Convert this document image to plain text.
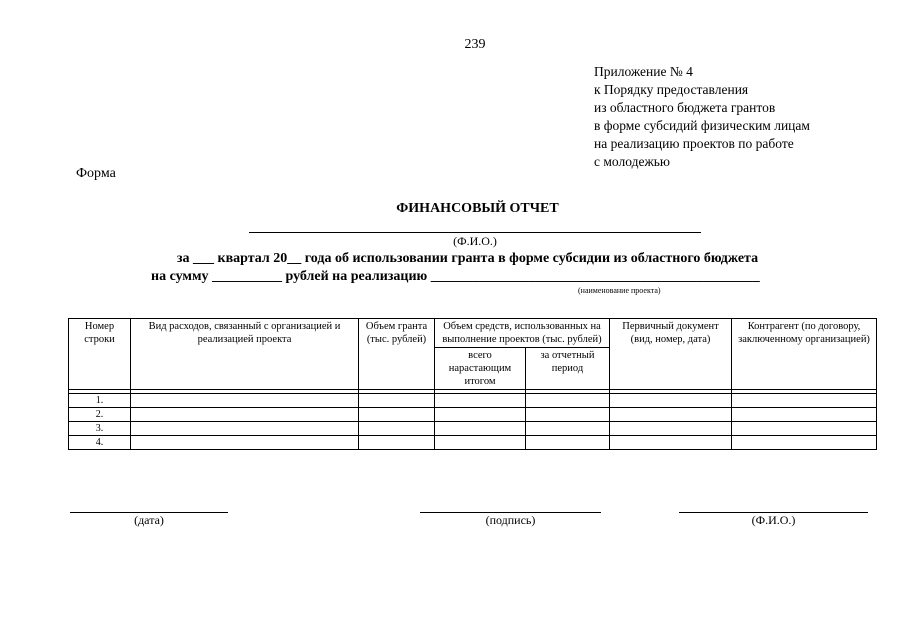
239
Приложение № 4
к Порядку предоставления
из областного бюджета грантов
в форме субсидий физическим лицам
на реализацию проектов по работе
с молодежью
Форма
ФИНАНСОВЫЙ ОТЧЕТ
(Ф.И.О.)
за ___ квартал 20__ года об использовании гранта в форме субсидии из областного бюджета
на сумму __________ рублей на реализацию _______________________________________________
(наименование проекта)
Номер строки	Вид расходов, связанный с организацией и реализацией проекта	Объем гранта (тыс. рублей)	Объем средств, использованных на выполнение проектов (тыс. рублей)		Первичный документ (вид, номер, дата)	Контрагент (по договору, заключенному организацией)
			всего нарастающим итогом	за отчетный период		

1.						
2.						
3.						
4.						
(дата)	(подпись)	(Ф.И.О.)
